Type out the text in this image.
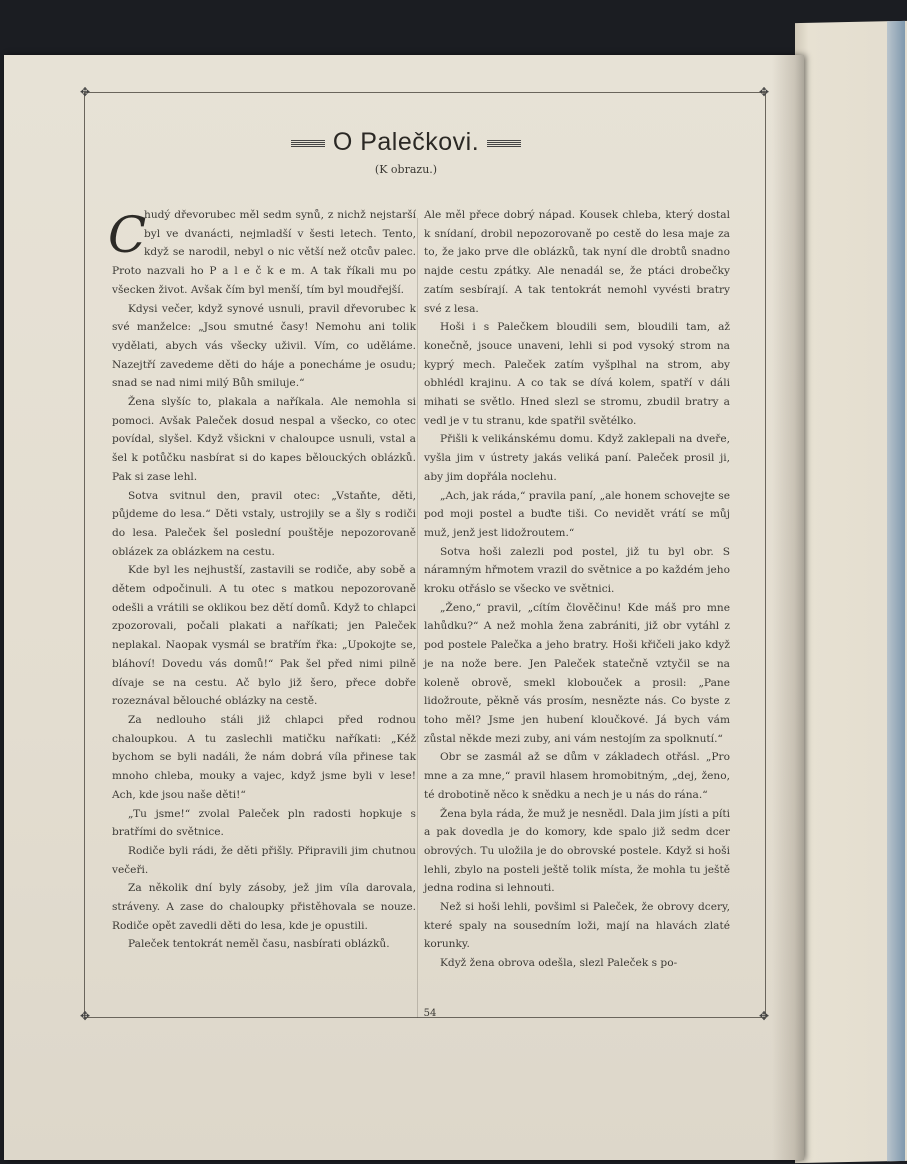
✥	✥
✥	✥
O Palečkovi.
(K obrazu.)

C
hudý dřevorubec měl sedm synů, z nichž nejstarší byl ve dvanácti, nejmladší v šesti letech. Tento, když se narodil, nebyl o nic větší než otcův palec. Proto nazvali ho P a l e č k e m. A tak říkali mu po všecken život. Avšak čím byl menší, tím byl moudřejší.

Kdysi večer, když synové usnuli, pravil dřevorubec k své manželce: „Jsou smutné časy! Nemohu ani tolik vydělati, abych vás všecky uživil. Vím, co uděláme. Nazejtří zavedeme děti do háje a ponecháme je osudu; snad se nad nimi milý Bůh smiluje.“

Žena slyšíc to, plakala a naříkala. Ale nemohla si pomoci. Avšak Paleček dosud nespal a všecko, co otec povídal, slyšel. Když všickni v chaloupce usnuli, vstal a šel k potůčku nasbírat si do kapes bělouckých oblázků. Pak si zase lehl.

Sotva svitnul den, pravil otec: „Vstaňte, děti, půjdeme do lesa.“ Děti vstaly, ustrojily se a šly s rodiči do lesa. Paleček šel poslední pouštěje nepozorovaně oblázek za oblázkem na cestu.

Kde byl les nejhustší, zastavili se rodiče, aby sobě a dětem odpočinuli. A tu otec s matkou nepozorovaně odešli a vrátili se oklikou bez dětí domů. Když to chlapci zpozorovali, počali plakati a naříkati; jen Paleček neplakal. Naopak vysmál se bratřím řka: „Upokojte se, bláhoví! Dovedu vás domů!“ Pak šel před nimi pilně dívaje se na cestu. Ač bylo již šero, přece dobře rozeznával bělouché oblázky na cestě.

Za nedlouho stáli již chlapci před rodnou chaloupkou. A tu zaslechli matičku naříkati: „Kéž bychom se byli nadáli, že nám dobrá víla přinese tak mnoho chleba, mouky a vajec, když jsme byli v lese! Ach, kde jsou naše děti!“

„Tu jsme!“ zvolal Paleček pln radosti hopkuje s bratřími do světnice.

Rodiče byli rádi, že děti přišly. Připravili jim chutnou večeři.

Za několik dní byly zásoby, jež jim víla darovala, stráveny. A zase do chaloupky přistěhovala se nouze. Rodiče opět zavedli děti do lesa, kde je opustili.

Paleček tentokrát neměl času, nasbírati oblázků.

Ale měl přece dobrý nápad. Kousek chleba, který dostal k snídaní, drobil nepozorovaně po cestě do lesa maje za to, že jako prve dle oblázků, tak nyní dle drobtů snadno najde cestu zpátky. Ale nenadál se, že ptáci drobečky zatím sesbírají. A tak tentokrát nemohl vyvésti bratry své z lesa.

Hoši i s Palečkem bloudili sem, bloudili tam, až konečně, jsouce unaveni, lehli si pod vysoký strom na kyprý mech. Paleček zatím vyšplhal na strom, aby obhlédl krajinu. A co tak se dívá kolem, spatří v dáli mihati se světlo. Hned slezl se stromu, zbudil bratry a vedl je v tu stranu, kde spatřil světélko.

Přišli k velikánskému domu. Když zaklepali na dveře, vyšla jim v ústrety jakás veliká paní. Paleček prosil ji, aby jim dopřála noclehu.

„Ach, jak ráda,“ pravila paní, „ale honem schovejte se pod moji postel a buďte tiši. Co nevidět vrátí se můj muž, jenž jest lidožroutem.“

Sotva hoši zalezli pod postel, již tu byl obr. S náramným hřmotem vrazil do světnice a po každém jeho kroku otřáslo se všecko ve světnici.

„Ženo,“ pravil, „cítím člověčinu! Kde máš pro mne lahůdku?“ A než mohla žena zabrániti, již obr vytáhl z pod postele Palečka a jeho bratry. Hoši křičeli jako když je na nože bere. Jen Paleček statečně vztyčil se na koleně obrově, smekl klobouček a prosil: „Pane lidožroute, pěkně vás prosím, nesnězte nás. Co byste z toho měl? Jsme jen hubení kloučkové. Já bych vám zůstal někde mezi zuby, ani vám nestojím za spolknutí.“

Obr se zasmál až se dům v základech otřásl. „Pro mne a za mne,“ pravil hlasem hromobitným, „dej, ženo, té drobotině něco k snědku a nech je u nás do rána.“

Žena byla ráda, že muž je nesnědl. Dala jim jísti a píti a pak dovedla je do komory, kde spalo již sedm dcer obrových. Tu uložila je do obrovské postele. Když si hoši lehli, zbylo na posteli ještě tolik místa, že mohla tu ještě jedna rodina si lehnouti.

Než si hoši lehli, povšiml si Paleček, že obrovy dcery, které spaly na sousedním loži, mají na hlavách zlaté korunky.

Když žena obrova odešla, slezl Paleček s po-

54
